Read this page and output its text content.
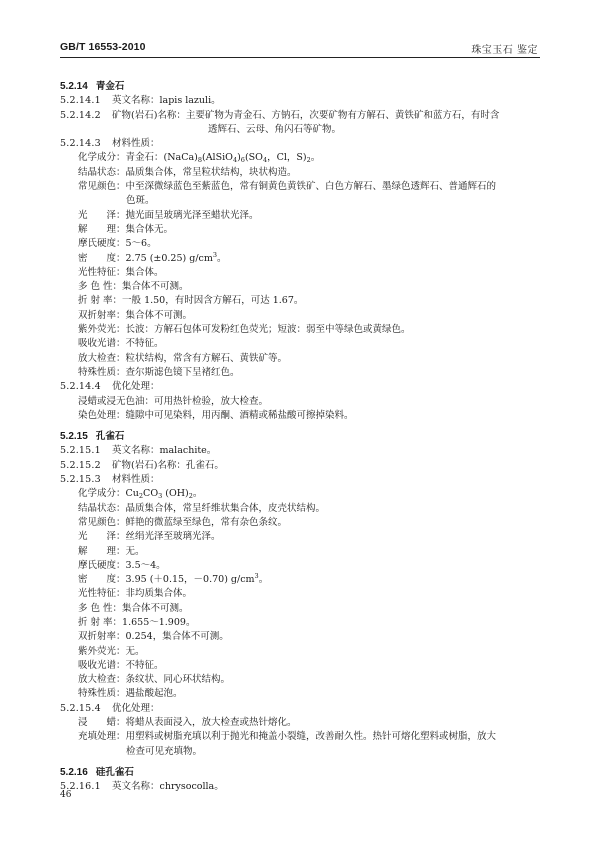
GB/T 16553-2010	珠宝玉石 鉴定
5.2.14 青金石
5.2.14.1 英文名称：lapis lazuli。
5.2.14.2 矿物(岩石)名称：主要矿物为青金石、方钠石，次要矿物有方解石、黄铁矿和蓝方石，有时含
透辉石、云母、角闪石等矿物。
5.2.14.3 材料性质：
化学成分：青金石：$(NaCa)_8(AlSiO_4)_6(SO_4$，Cl，$S)_2$。
结晶状态：晶质集合体，常呈粒状结构，块状构造。
常见颜色：中至深微绿蓝色至紫蓝色，常有铜黄色黄铁矿、白色方解石、墨绿色透辉石、普通辉石的
色斑。
光　　泽：抛光面呈玻璃光泽至蜡状光泽。
解　　理：集合体无。
摩氏硬度：5～6。
密　　度：2.75 (±0.25) $g/cm^3$。
光性特征：集合体。
多 色 性：集合体不可测。
折 射 率：一般 1.50，有时因含方解石，可达 1.67。
双折射率：集合体不可测。
紫外荧光：长波：方解石包体可发粉红色荧光；短波：弱至中等绿色或黄绿色。
吸收光谱：不特征。
放大检查：粒状结构，常含有方解石、黄铁矿等。
特殊性质：查尔斯滤色镜下呈褚红色。
5.2.14.4 优化处理：
浸蜡或浸无色油：可用热针检验，放大检查。
染色处理：缝隙中可见染料，用丙酮、酒精或稀盐酸可擦掉染料。
5.2.15 孔雀石
5.2.15.1 英文名称：malachite。
5.2.15.2 矿物(岩石)名称：孔雀石。
5.2.15.3 材料性质：
化学成分：$Cu_2CO_3$ $(OH)_2$。
结晶状态：晶质集合体，常呈纤维状集合体，皮壳状结构。
常见颜色：鲜艳的微蓝绿至绿色，常有杂色条纹。
光　　泽：丝绢光泽至玻璃光泽。
解　　理：无。
摩氏硬度：3.5～4。
密　　度：3.95 (＋0.15，－0.70) $g/cm^3$。
光性特征：非均质集合体。
多 色 性：集合体不可测。
折 射 率：1.655～1.909。
双折射率：0.254，集合体不可测。
紫外荧光：无。
吸收光谱：不特征。
放大检查：条纹状、同心环状结构。
特殊性质：遇盐酸起泡。
5.2.15.4 优化处理：
浸　　蜡：将蜡从表面浸入，放大检查或热针熔化。
充填处理：用塑料或树脂充填以利于抛光和掩盖小裂缝，改善耐久性。热针可熔化塑料或树脂，放大
检查可见充填物。
5.2.16 硅孔雀石
5.2.16.1 英文名称：chrysocolla。
46
